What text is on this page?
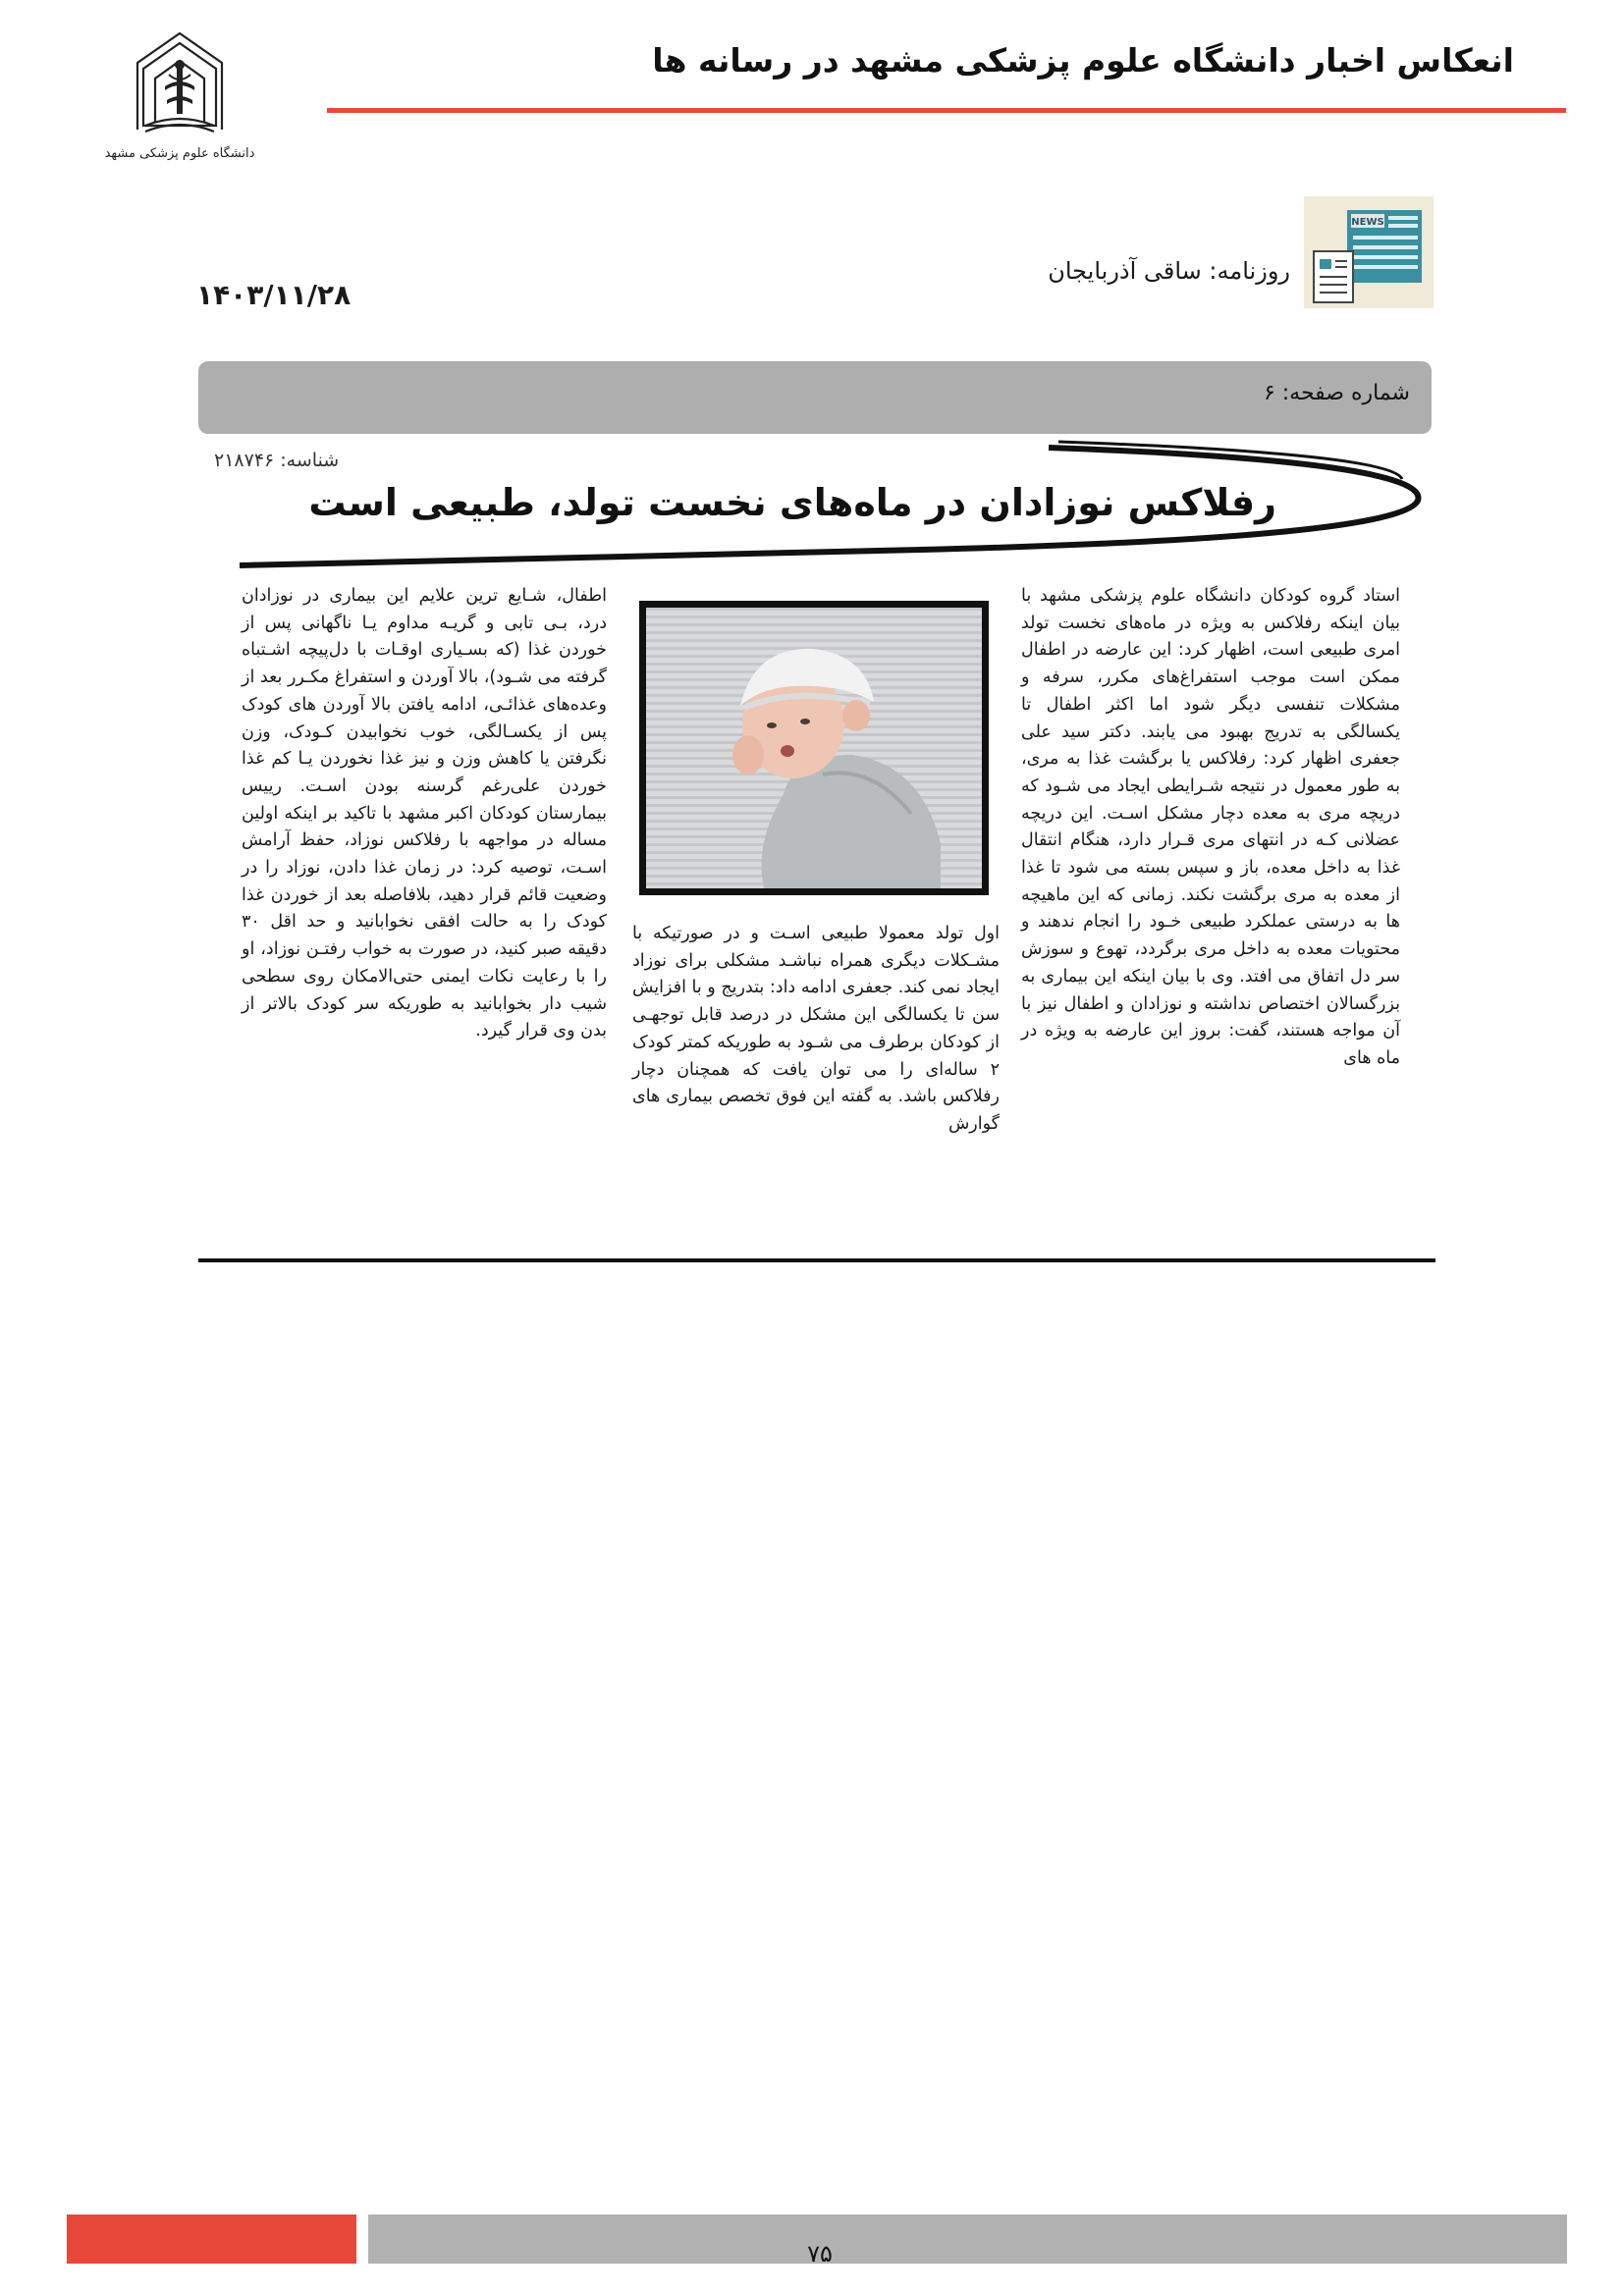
انعکاس اخبار دانشگاه علوم پزشکی مشهد در رسانه ها
دانشگاه علوم پزشکی مشهد
NEWS
روزنامه: ساقی آذربایجان
۱۴۰۳/۱۱/۲۸
شماره صفحه: ۶
شناسه: ۲۱۸۷۴۶
رفلاکس نوزادان در ماه‌های نخست تولد، طبیعی است
استاد گروه کودکان دانشگاه علوم پزشکی مشهد با بیان اینکه رفلاکس به ویژه در ماه‌های نخست تولد امری طبیعی است، اظهار کرد: این عارضه در اطفال ممکن است موجب استفراغ‌های مکرر، سرفه و مشکلات تنفسی دیگر شود اما اکثر اطفال تا یکسالگی به تدریج بهبود می یابند. دکتر سید علی جعفری اظهار کرد: رفلاکس یا برگشت غذا به مری، به طور معمول در نتیجه شـرایطی ایجاد می شـود که دریچه مری به معده دچار مشکل اسـت. این دریچه عضلانی کـه در انتهای مری قـرار دارد، هنگام انتقال غذا به داخل معده، باز و سپس بسته می شود تا غذا از معده به مری برگشت نکند. زمانی که این ماهیچه ها به درستی عملکرد طبیعی خـود را انجام ندهند و محتویات معده به داخل مری برگردد، تهوع و سوزش سر دل اتفاق می افتد. وی با بیان اینکه این بیماری به بزرگسالان اختصاص نداشته و نوزادان و اطفال نیز با آن مواجه هستند، گفت: بروز این عارضه به ویژه در ماه های
اول تولد معمولا طبیعی اسـت و در صورتیکه با مشـکلات دیگری همراه نباشـد مشکلی برای نوزاد ایجاد نمی کند. جعفری ادامه داد: بتدریج و با افزایش سن تا یکسالگی این مشکل در درصد قابل توجهـی از کودکان برطرف می شـود به طوریکه کمتر کودک ۲ ساله‌ای را می توان یافت که همچنان دچار رفلاکس باشد. به گفته این فوق تخصص بیماری های گوارش
اطفال، شـایع ترین علایم این بیماری در نوزادان درد، بـی تابی و گریـه مداوم یـا ناگهانی پس از خوردن غذا (که بسـیاری اوقـات با دل‌پیچه اشـتباه گرفته می شـود)، بالا آوردن و استفراغ مکـرر بعد از وعده‌های غذائـی، ادامه یافتن بالا آوردن های کودک پس از یکسـالگی، خوب نخوابیدن کـودک، وزن نگرفتن یا کاهش وزن و نیز غذا نخوردن یـا کم غذا خوردن علی‌رغم گرسنه بودن اسـت. رییس بیمارستان کودکان اکبر مشهد با تاکید بر اینکه اولین مساله در مواجهه با رفلاکس نوزاد، حفظ آرامش اسـت، توصیه کرد: در زمان غذا دادن، نوزاد را در وضعیت قائم قرار دهید، بلافاصله بعد از خوردن غذا کودک را به حالت افقی نخوابانید و حد اقل ۳۰ دقیقه صبر کنید، در صورت به خواب رفتـن نوزاد، او را با رعایت نکات ایمنی حتی‌الامکان روی سطحی شیب دار بخوابانید به طوریکه سر کودک بالاتر از بدن وی قرار گیرد.
۷۵
